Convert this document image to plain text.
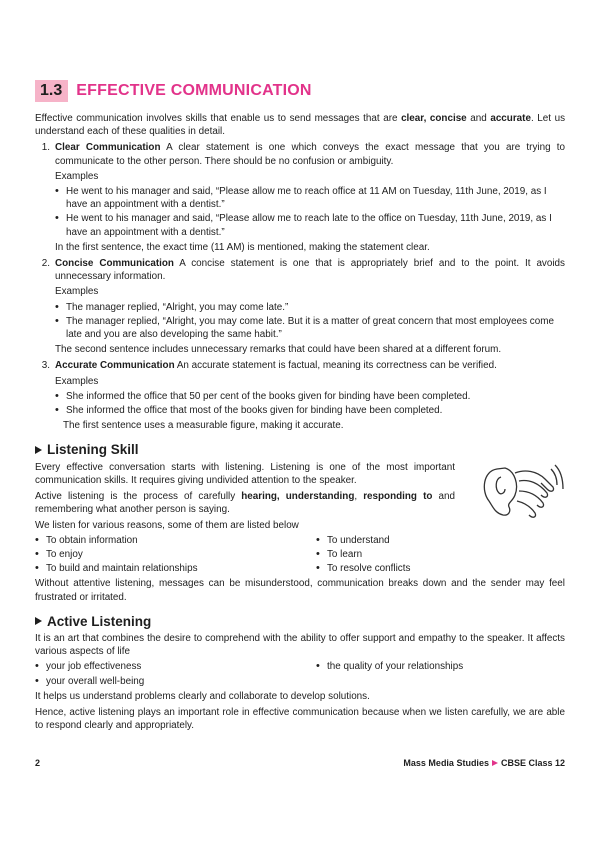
1.3 EFFECTIVE COMMUNICATION

Effective communication involves skills that enable us to send messages that are clear, concise and accurate. Let us understand each of these qualities in detail.

1. Clear Communication A clear statement is one which conveys the exact message that you are trying to communicate to the other person. There should be no confusion or ambiguity.

Examples

• He went to his manager and said, “Please allow me to reach office at 11 AM on Tuesday, 11th June, 2019, as I have an appointment with a dentist.”
• He went to his manager and said, “Please allow me to reach late to the office on Tuesday, 11th June, 2019, as I have an appointment with a dentist.”

In the first sentence, the exact time (11 AM) is mentioned, making the statement clear.

2. Concise Communication A concise statement is one that is appropriately brief and to the point. It avoids unnecessary information.

Examples

• The manager replied, “Alright, you may come late.”
• The manager replied, “Alright, you may come late. But it is a matter of great concern that most employees come late and you are also developing the same habit.”

The second sentence includes unnecessary remarks that could have been shared at a different forum.

3. Accurate Communication An accurate statement is factual, meaning its correctness can be verified.

Examples

• She informed the office that 50 per cent of the books given for binding have been completed.
• She informed the office that most of the books given for binding have been completed.

The first sentence uses a measurable figure, making it accurate.

Listening Skill

Every effective conversation starts with listening. Listening is one of the most important communication skills. It requires giving undivided attention to the speaker.

Active listening is the process of carefully hearing, understanding, responding to and remembering what another person is saying.

We listen for various reasons, some of them are listed below

• To obtain information
• To enjoy
• To build and maintain relationships
• To understand
• To learn
• To resolve conflicts

Without attentive listening, messages can be misunderstood, communication breaks down and the sender may feel frustrated or irritated.

Active Listening

It is an art that combines the desire to comprehend with the ability to offer support and empathy to the speaker. It affects various aspects of life

• your job effectiveness
• your overall well-being
• the quality of your relationships

It helps us understand problems clearly and collaborate to develop solutions.

Hence, active listening plays an important role in effective communication because when we listen carefully, we are able to respond clearly and appropriately.

2	Mass Media Studies CBSE Class 12
